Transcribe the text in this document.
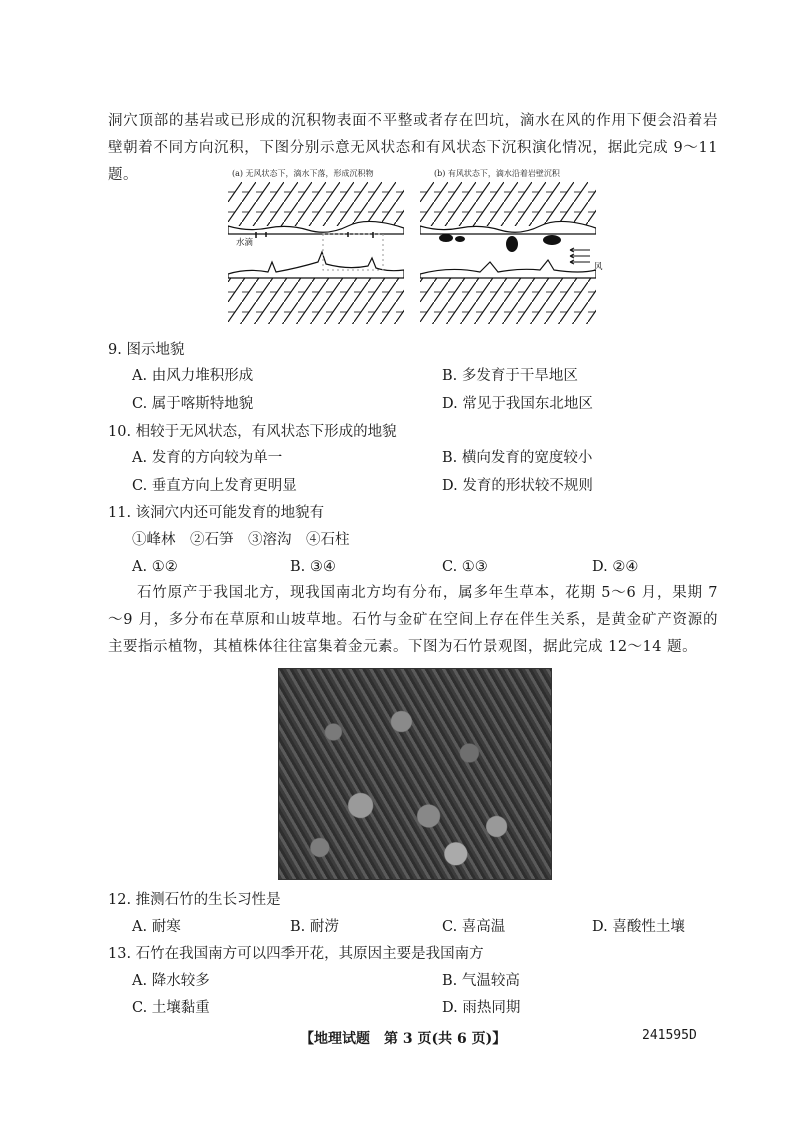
洞穴顶部的基岩或已形成的沉积物表面不平整或者存在凹坑，滴水在风的作用下便会沿着岩壁朝着不同方向沉积，下图分别示意无风状态和有风状态下沉积演化情况，据此完成 9～11 题。	(a) 无风状态下，滴水下落，形成沉积物	(b) 有风状态下，滴水沿着岩壁沉积
水滴
风

9. 图示地貌

A. 由风力堆积形成	B. 多发育于干旱地区
C. 属于喀斯特地貌	D. 常见于我国东北地区

10. 相较于无风状态，有风状态下形成的地貌

A. 发育的方向较为单一	B. 横向发育的宽度较小
C. 垂直方向上发育更明显	D. 发育的形状较不规则

11. 该洞穴内还可能发育的地貌有

①峰林　②石笋　③溶沟　④石柱
A. ①②	B. ③④	C. ①③	D. ②④

石竹原产于我国北方，现我国南北方均有分布，属多年生草本，花期 5～6 月，果期 7～9 月，多分布在草原和山坡草地。石竹与金矿在空间上存在伴生关系，是黄金矿产资源的主要指示植物，其植株体往往富集着金元素。下图为石竹景观图，据此完成 12～14 题。

12. 推测石竹的生长习性是

A. 耐寒	B. 耐涝	C. 喜高温	D. 喜酸性土壤

13. 石竹在我国南方可以四季开花，其原因主要是我国南方

A. 降水较多	B. 气温较高
C. 土壤黏重	D. 雨热同期
【地理试题　第 3 页(共 6 页)】	241595D
